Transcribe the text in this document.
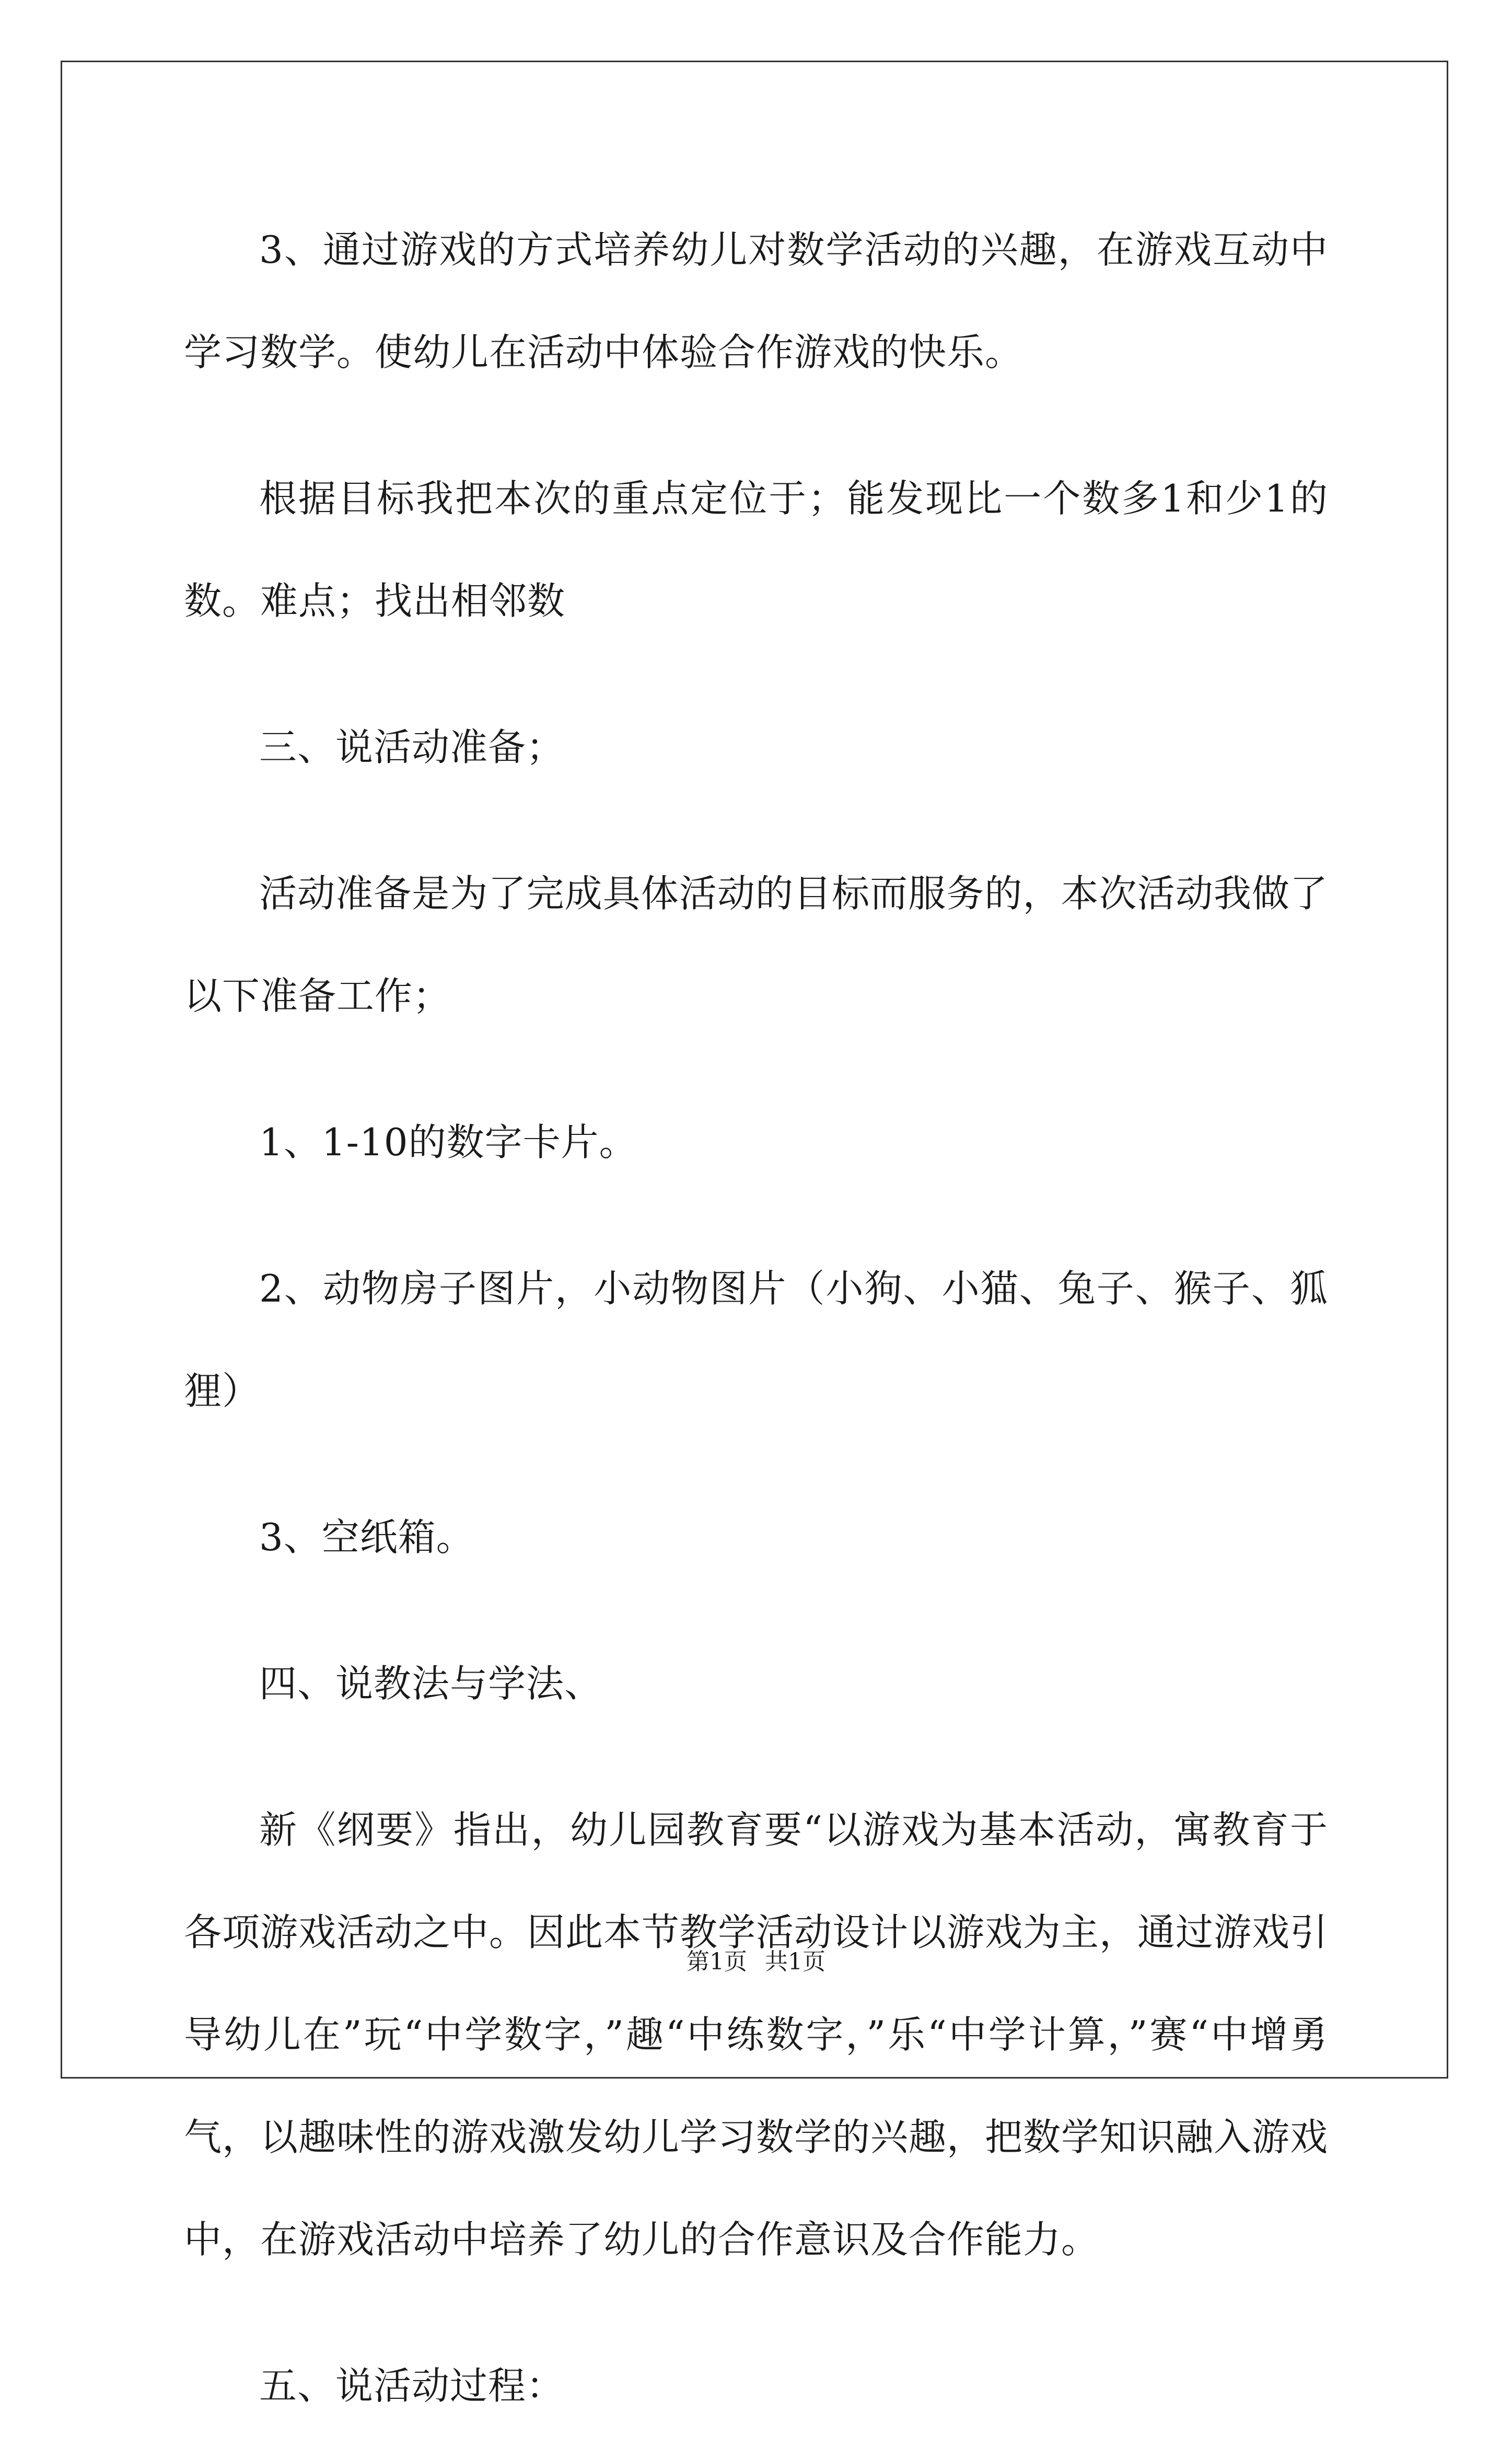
3、通过游戏的方式培养幼儿对数学活动的兴趣，在游戏互动中学习数学。使幼儿在活动中体验合作游戏的快乐。

根据目标我把本次的重点定位于；能发现比一个数多1和少1的数。难点；找出相邻数

三、说活动准备；

活动准备是为了完成具体活动的目标而服务的，本次活动我做了以下准备工作；

1、1-10的数字卡片。

2、动物房子图片，小动物图片（小狗、小猫、兔子、猴子、狐狸）

3、空纸箱。

四、说教法与学法、

新《纲要》指出，幼儿园教育要“以游戏为基本活动，寓教育于各项游戏活动之中。因此本节教学活动设计以游戏为主，通过游戏引导幼儿在”玩“中学数字，”趣“中练数字，”乐“中学计算，”赛“中增勇气，以趣味性的游戏激发幼儿学习数学的兴趣，把数学知识融入游戏中，在游戏活动中培养了幼儿的合作意识及合作能力。

五、说活动过程：

第1页 共1页
